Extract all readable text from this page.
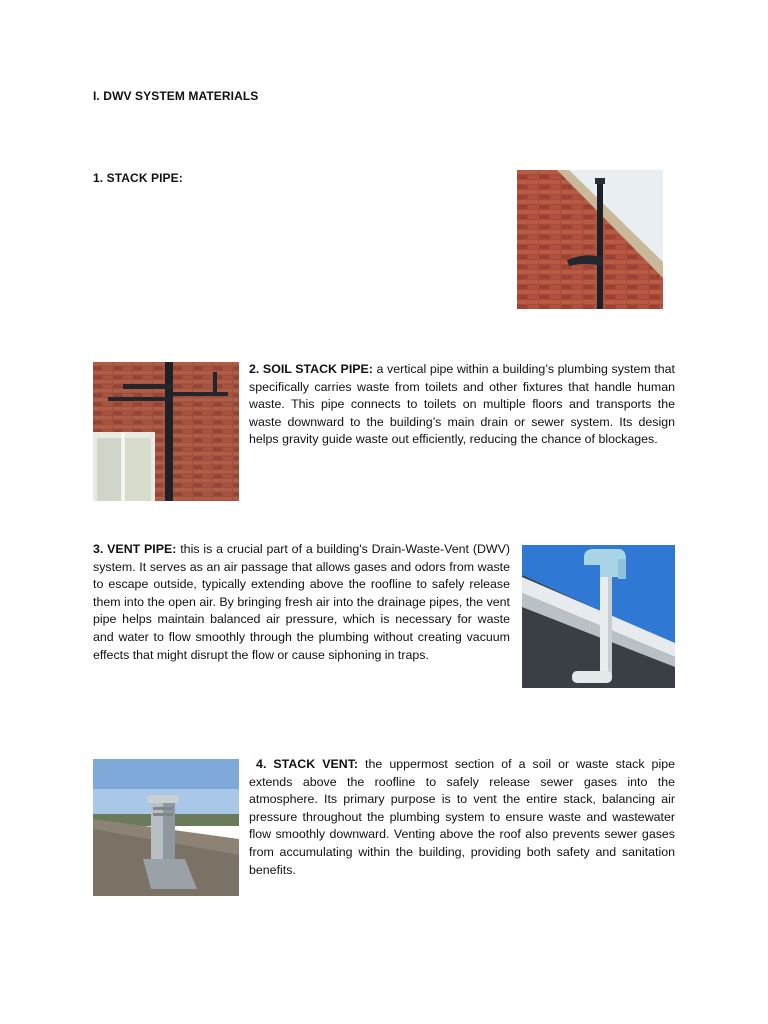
I. DWV SYSTEM MATERIALS
1. STACK PIPE:
2. SOIL STACK PIPE: a vertical pipe within a building’s plumbing system that specifically carries waste from toilets and other fixtures that handle human waste. This pipe connects to toilets on multiple floors and transports the waste downward to the building’s main drain or sewer system. Its design helps gravity guide waste out efficiently, reducing the chance of blockages.
3. VENT PIPE: this is a crucial part of a building's Drain-Waste-Vent (DWV) system. It serves as an air passage that allows gases and odors from waste to escape outside, typically extending above the roofline to safely release them into the open air. By bringing fresh air into the drainage pipes, the vent pipe helps maintain balanced air pressure, which is necessary for waste and water to flow smoothly through the plumbing without creating vacuum effects that might disrupt the flow or cause siphoning in traps.
4. STACK VENT: the uppermost section of a soil or waste stack pipe extends above the roofline to safely release sewer gases into the atmosphere. Its primary purpose is to vent the entire stack, balancing air pressure throughout the plumbing system to ensure waste and wastewater flow smoothly downward. Venting above the roof also prevents sewer gases from accumulating within the building, providing both safety and sanitation benefits.
